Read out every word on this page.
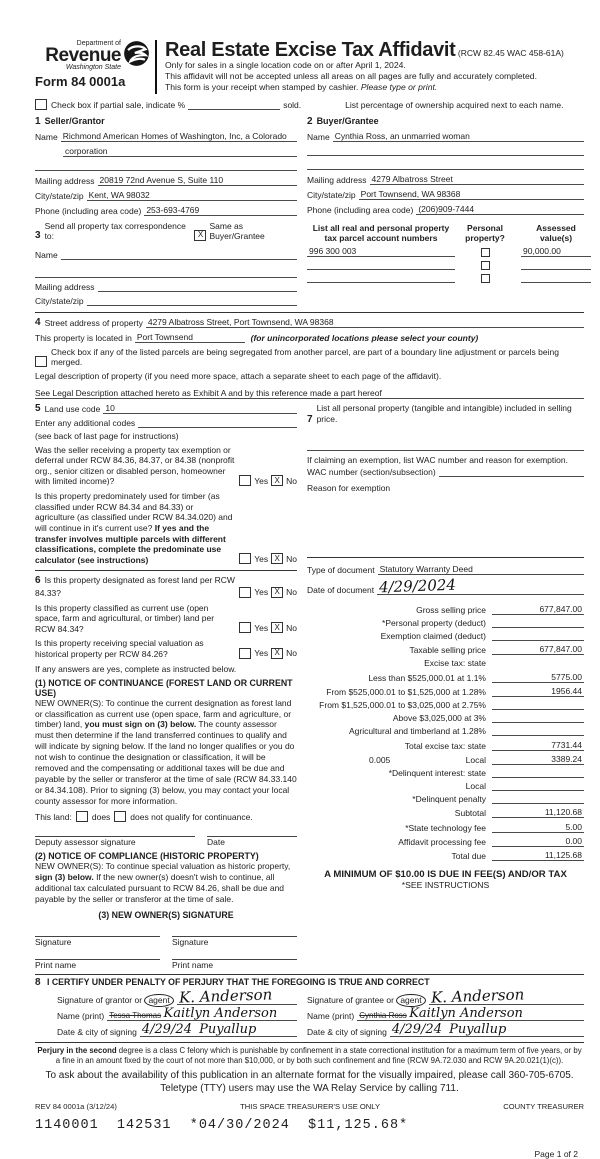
Department of
Revenue
Washington State
Form 84 0001a
Real Estate Excise Tax Affidavit (RCW 82.45 WAC 458-61A)
Only for sales in a single location code on or after April 1, 2024.
This affidavit will not be accepted unless all areas on all pages are fully and accurately completed.
This form is your receipt when stamped by cashier. Please type or print.
Check box if partial sale, indicate %	sold.	List percentage of ownership acquired next to each name.
1 Seller/Grantor
Name Richmond American Homes of Washington, Inc, a Colorado
corporation
Mailing address 20819 72nd Avenue S, Suite 110
City/state/zip Kent, WA 98032
Phone (including area code) 253-693-4769
2 Buyer/Grantee
Name Cynthia Ross, an unmarried woman
Mailing address 4279 Albatross Street
City/state/zip Port Townsend, WA 98368
Phone (including area code) (206)909-7444
3
Send all property tax correspondence to:	X
Same as Buyer/Grantee
Name
Mailing address
City/state/zip
List all real and personal property
tax parcel account numbers
Personal
property?
Assessed
value(s)
996 300 003	90,000.00
4 Street address of property 4279 Albatross Street, Port Townsend, WA 98368
This property is located in Port Townsend	(for unincorporated locations please select your county)
Check box if any of the listed parcels are being segregated from another parcel, are part of a boundary line adjustment or parcels being merged.
Legal description of property (if you need more space, attach a separate sheet to each page of the affidavit).
See Legal Description attached hereto as Exhibit A and by this reference made a part hereof
5 Land use code 10
Enter any additional codes
(see back of last page for instructions)
Was the seller receiving a property tax exemption or deferral under RCW 84.36, 84.37, or 84.38 (nonprofit org., senior citizen or disabled person, homeowner with limited income)?	Yes X No
Is this property predominately used for timber (as classified under RCW 84.34 and 84.33) or agriculture (as classified under RCW 84.34.020) and will continue in it's current use? If yes and the transfer involves multiple parcels with different classifications, complete the predominate use calculator (see instructions)	Yes X No
6 Is this property designated as forest land per RCW 84.33?	Yes X No
Is this property classified as current use (open space, farm and agricultural, or timber) land per RCW 84.34?	Yes X No
Is this property receiving special valuation as historical property per RCW 84.26?	Yes X No
If any answers are yes, complete as instructed below.
(1) NOTICE OF CONTINUANCE (FOREST LAND OR CURRENT USE)
NEW OWNER(S): To continue the current designation as forest land or classification as current use (open space, farm and agriculture, or timber) land, you must sign on (3) below. The county assessor must then determine if the land transferred continues to qualify and will indicate by signing below. If the land no longer qualifies or you do not wish to continue the designation or classification, it will be removed and the compensating or additional taxes will be due and payable by the seller or transferor at the time of sale (RCW 84.33.140 or 84.34.108). Prior to signing (3) below, you may contact your local county assessor for more information.
This land: does does not qualify for continuance.
Deputy assessor signature	Date
(2) NOTICE OF COMPLIANCE (HISTORIC PROPERTY)
NEW OWNER(S): To continue special valuation as historic property, sign (3) below. If the new owner(s) doesn't wish to continue, all additional tax calculated pursuant to RCW 84.26, shall be due and payable by the seller or transferor at the time of sale.
(3) NEW OWNER(S) SIGNATURE
Signature	Signature
Print name	Print name
7
List all personal property (tangible and intangible) included in selling price.
If claiming an exemption, list WAC number and reason for exemption.
WAC number (section/subsection)
Reason for exemption
Type of document Statutory Warranty Deed
Date of document 4/29/2024
Gross selling price	677,847.00
*Personal property (deduct)
Exemption claimed (deduct)
Taxable selling price	677,847.00
Excise tax: state
Less than $525,000.01 at 1.1%	5775.00
From $525,000.01 to $1,525,000 at 1.28%	1956.44
From $1,525,000.01 to $3,025,000 at 2.75%
Above $3,025,000 at 3%
Agricultural and timberland at 1.28%
Total excise tax: state	7731.44
0.005	Local	3389.24
*Delinquent interest: state
Local
*Delinquent penalty
Subtotal	11,120.68
*State technology fee	5.00
Affidavit processing fee	0.00
Total due	11,125.68
A MINIMUM OF $10.00 IS DUE IN FEE(S) AND/OR TAX
*SEE INSTRUCTIONS
8 I CERTIFY UNDER PENALTY OF PERJURY THAT THE FOREGOING IS TRUE AND CORRECT
Signature of grantor or agent K. Anderson
Name (print) Tessa Thomas Kaitlyn Anderson
Date & city of signing 4/29/24 Puyallup
Signature of grantee or agent K. Anderson
Name (print) Cynthia Ross Kaitlyn Anderson
Date & city of signing 4/29/24 Puyallup
Perjury in the second degree is a class C felony which is punishable by confinement in a state correctional institution for a maximum term of five years, or by a fine in an amount fixed by the court of not more than $10,000, or by both such confinement and fine (RCW 9A.72.030 and RCW 9A.20.021(1)(c)).
To ask about the availability of this publication in an alternate format for the visually impaired, please call 360-705-6705. Teletype (TTY) users may use the WA Relay Service by calling 711.
REV 84 0001a (3/12/24)	THIS SPACE TREASURER'S USE ONLY	COUNTY TREASURER
1140001  142531  *04/30/2024  $11,125.68*
Page 1 of 2
